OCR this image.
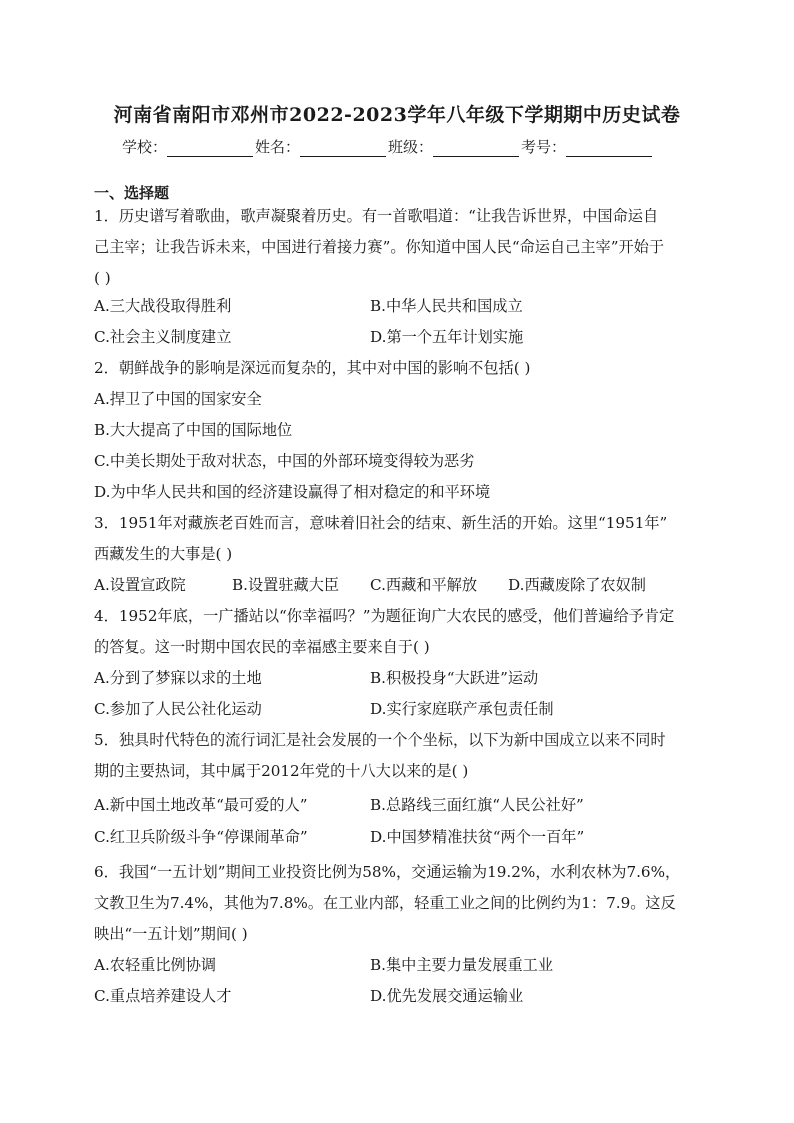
河南省南阳市邓州市2022-2023学年八年级下学期期中历史试卷
学校：	姓名：	班级：	考号：
一、选择题
1．历史谱写着歌曲，歌声凝聚着历史。有一首歌唱道：“让我告诉世界，中国命运自
己主宰；让我告诉未来，中国进行着接力赛”。你知道中国人民“命运自己主宰”开始于
( )
A.三大战役取得胜利	B.中华人民共和国成立
C.社会主义制度建立	D.第一个五年计划实施
2．朝鲜战争的影响是深远而复杂的，其中对中国的影响不包括( )
A.捍卫了中国的国家安全
B.大大提高了中国的国际地位
C.中美长期处于敌对状态，中国的外部环境变得较为恶劣
D.为中华人民共和国的经济建设赢得了相对稳定的和平环境
3．1951年对藏族老百姓而言，意味着旧社会的结束、新生活的开始。这里“1951年”
西藏发生的大事是( )
A.设置宣政院	B.设置驻藏大臣 C.西藏和平解放 D.西藏废除了农奴制
4．1952年底，一广播站以“你幸福吗？”为题征询广大农民的感受，他们普遍给予肯定
的答复。这一时期中国农民的幸福感主要来自于( )
A.分到了梦寐以求的土地	B.积极投身“大跃进”运动
C.参加了人民公社化运动	D.实行家庭联产承包责任制
5．独具时代特色的流行词汇是社会发展的一个个坐标，以下为新中国成立以来不同时
期的主要热词，其中属于2012年党的十八大以来的是( )
A.新中国土地改革“最可爱的人”	B.总路线三面红旗“人民公社好”
C.红卫兵阶级斗争“停课闹革命”	D.中国梦精准扶贫“两个一百年”
6．我国“一五计划”期间工业投资比例为58%，交通运输为19.2%，水利农林为7.6%，
文教卫生为7.4%，其他为7.8%。在工业内部，轻重工业之间的比例约为1：7.9。这反
映出“一五计划”期间( )
A.农轻重比例协调	B.集中主要力量发展重工业
C.重点培养建设人才	D.优先发展交通运输业
